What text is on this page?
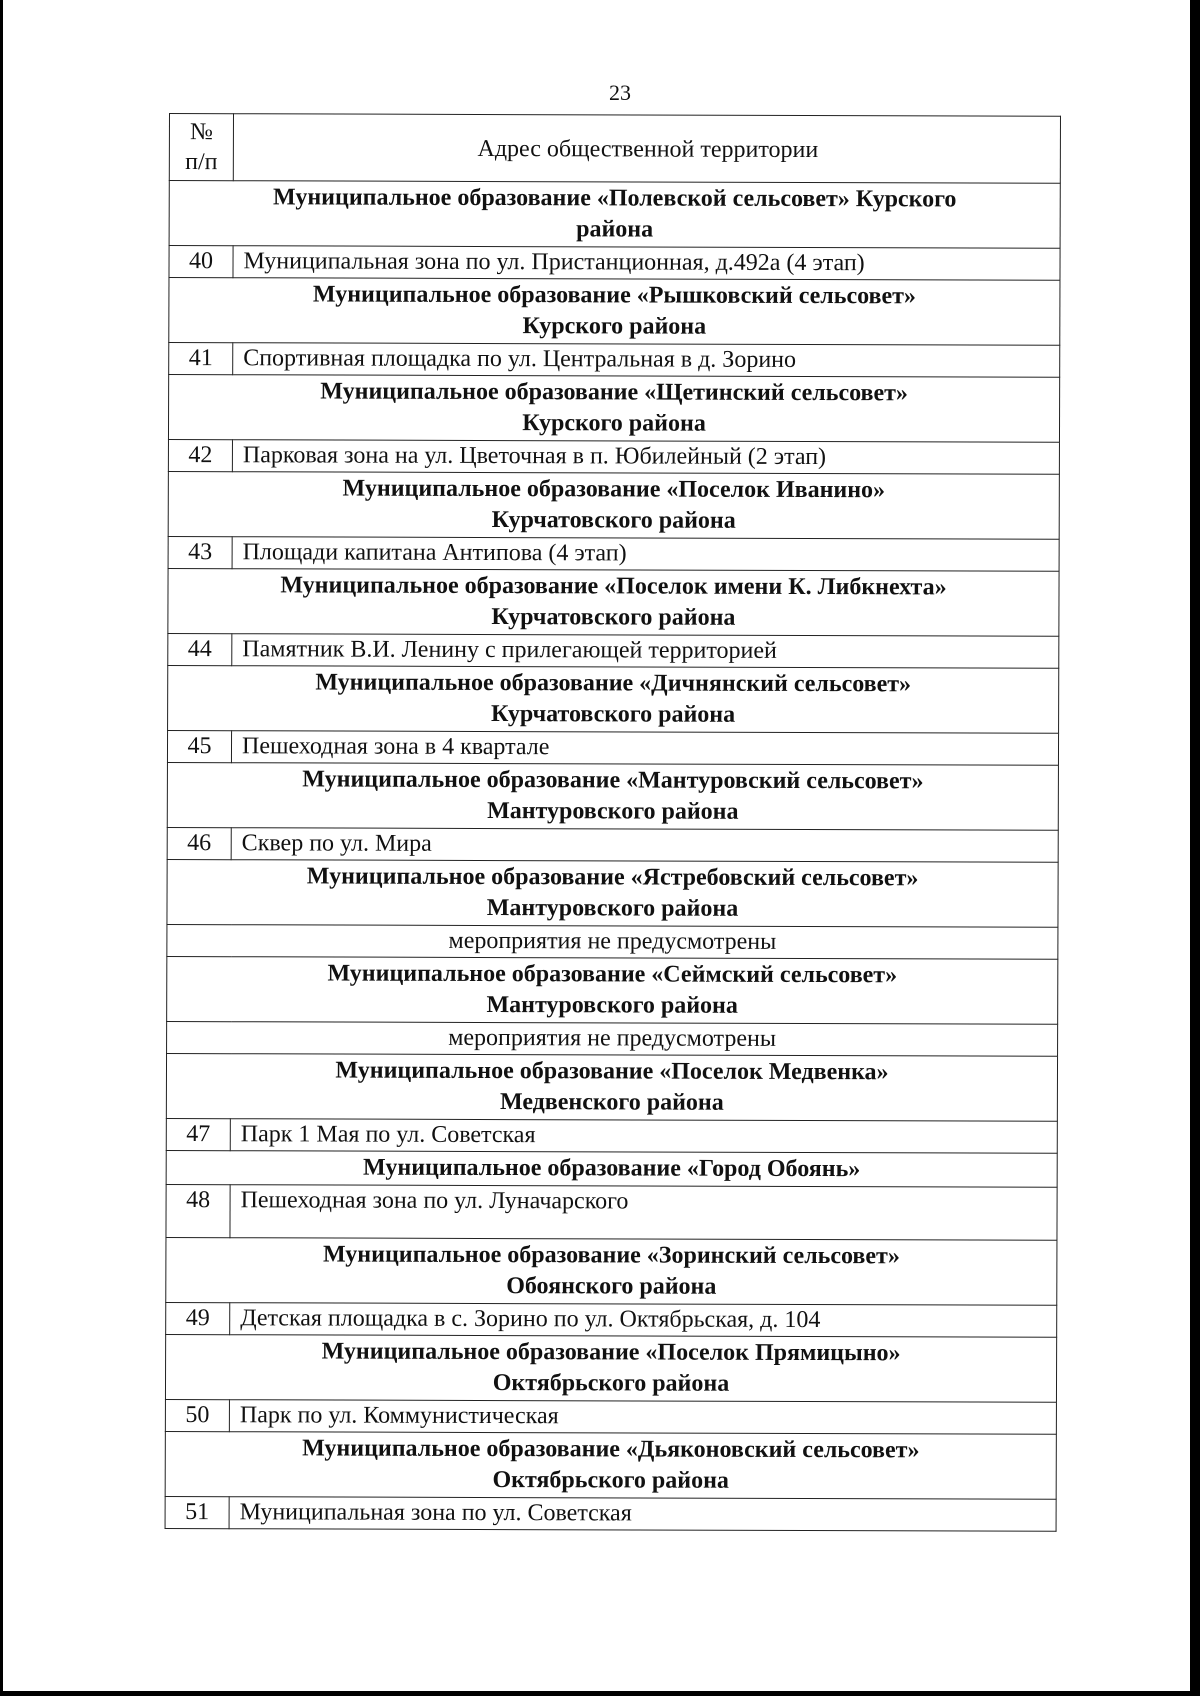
23
№
п/п	Адрес общественной территории
Муниципальное образование «Полевской сельсовет» Курского
района	
40	Муниципальная зона по ул. Пристанционная, д.492а (4 этап)
Муниципальное образование «Рышковский сельсовет»
Курского района	
41	Спортивная площадка по ул. Центральная в д. Зорино
Муниципальное образование «Щетинский сельсовет»
Курского района	
42	Парковая зона на ул. Цветочная в п. Юбилейный (2 этап)
Муниципальное образование «Поселок Иванино»
Курчатовского района	
43	Площади капитана Антипова (4 этап)
Муниципальное образование «Поселок имени К. Либкнехта»
Курчатовского района	
44	Памятник В.И. Ленину с прилегающей территорией
Муниципальное образование «Дичнянский сельсовет»
Курчатовского района	
45	Пешеходная зона в 4 квартале
Муниципальное образование «Мантуровский сельсовет»
Мантуровского района	
46	Сквер по ул. Мира
Муниципальное образование «Ястребовский сельсовет»
Мантуровского района	
мероприятия не предусмотрены	
Муниципальное образование «Сеймский сельсовет»
Мантуровского района	
мероприятия не предусмотрены	
Муниципальное образование «Поселок Медвенка»
Медвенского района	
47	Парк 1 Мая по ул. Советская
Муниципальное образование «Город Обоянь»	
48	Пешеходная зона по ул. Луначарского
Муниципальное образование «Зоринский сельсовет»
Обоянского района	
49	Детская площадка в с. Зорино по ул. Октябрьская, д. 104
Муниципальное образование «Поселок Прямицыно»
Октябрьского района	
50	Парк по ул. Коммунистическая
Муниципальное образование «Дьяконовский сельсовет»
Октябрьского района	
51	Муниципальная зона по ул. Советская
